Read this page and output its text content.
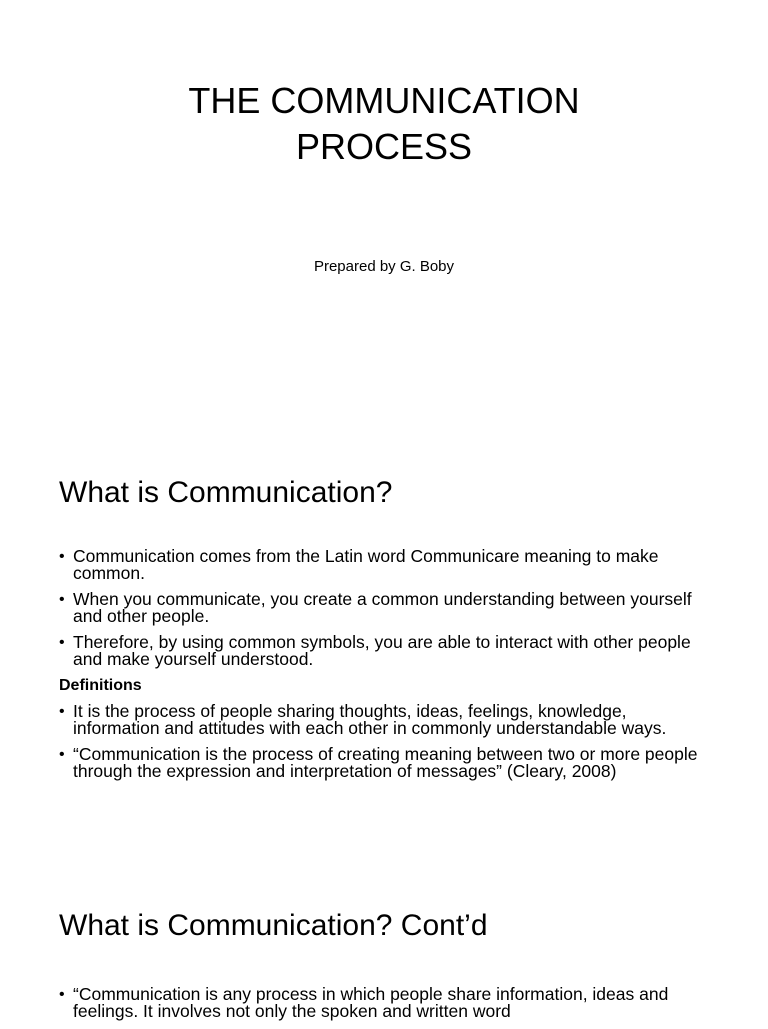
THE COMMUNICATION
PROCESS

Prepared by G. Boby

What is Communication?
• Communication comes from the Latin word Communicare meaning to make common.
• When you communicate, you create a common understanding between yourself and other people.
• Therefore, by using common symbols, you are able to interact with other people and make yourself understood.

Definitions

• It is the process of people sharing thoughts, ideas, feelings, knowledge, information and attitudes with each other in commonly understandable ways.
• “Communication is the process of creating meaning between two or more people through the expression and interpretation of messages” (Cleary, 2008)
What is Communication? Cont’d
• “Communication is any process in which people share information, ideas and feelings. It involves not only the spoken and written word
